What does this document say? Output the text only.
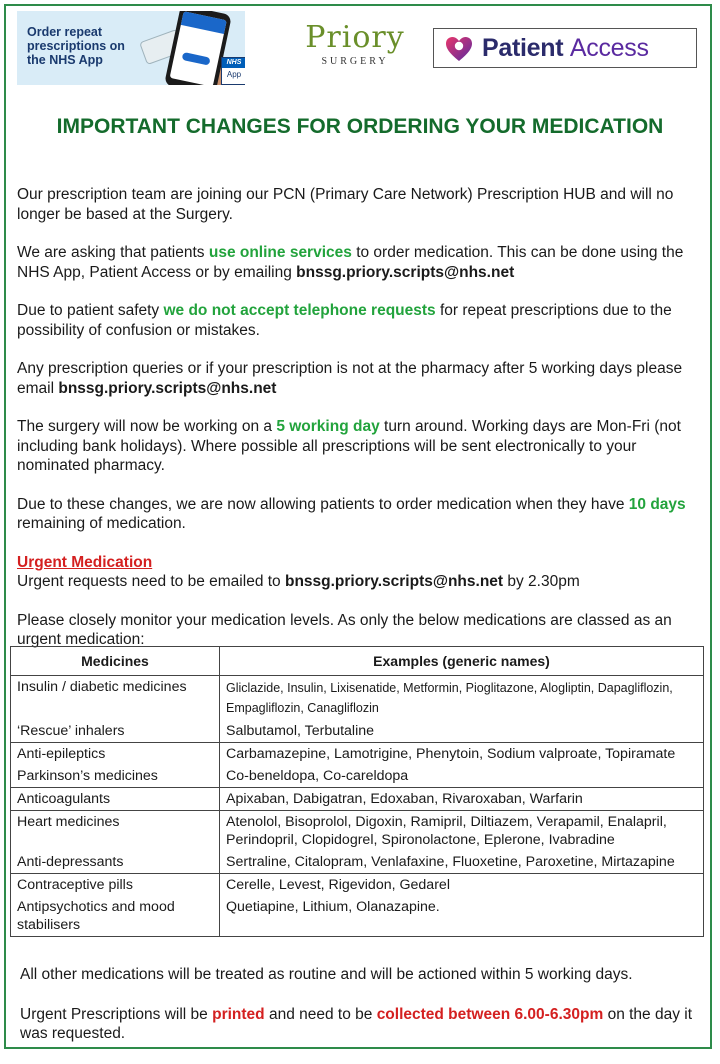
Order repeat prescriptions on the NHS App	NHS
App
Priory
SURGERY	Patient Access
IMPORTANT CHANGES FOR ORDERING YOUR MEDICATION

Our prescription team are joining our PCN (Primary Care Network) Prescription HUB and will no longer be based at the Surgery.

We are asking that patients use online services to order medication. This can be done using the NHS App, Patient Access or by emailing bnssg.priory.scripts@nhs.net

Due to patient safety we do not accept telephone requests for repeat prescriptions due to the possibility of confusion or mistakes.

Any prescription queries or if your prescription is not at the pharmacy after 5 working days please email bnssg.priory.scripts@nhs.net

The surgery will now be working on a 5 working day turn around. Working days are Mon-Fri (not including bank holidays). Where possible all prescriptions will be sent electronically to your nominated pharmacy.

Due to these changes, we are now allowing patients to order medication when they have 10 days remaining of medication.

Urgent Medication
Urgent requests need to be emailed to bnssg.priory.scripts@nhs.net by 2.30pm

Please closely monitor your medication levels. As only the below medications are classed as an urgent medication:

Medicines	Examples (generic names)
Insulin / diabetic medicines	Gliclazide, Insulin, Lixisenatide, Metformin, Pioglitazone, Alogliptin, Dapagliflozin, Empagliflozin, Canagliflozin
‘Rescue’ inhalers	Salbutamol, Terbutaline
Anti-epileptics	Carbamazepine, Lamotrigine, Phenytoin, Sodium valproate, Topiramate
Parkinson’s medicines	Co-beneldopa, Co-careldopa
Anticoagulants	Apixaban, Dabigatran, Edoxaban, Rivaroxaban, Warfarin
Heart medicines	Atenolol, Bisoprolol, Digoxin, Ramipril, Diltiazem, Verapamil, Enalapril, Perindopril, Clopidogrel, Spironolactone, Eplerone, Ivabradine
Anti-depressants	Sertraline, Citalopram, Venlafaxine, Fluoxetine, Paroxetine, Mirtazapine
Contraceptive pills	Cerelle, Levest, Rigevidon, Gedarel
Antipsychotics and mood stabilisers	Quetiapine, Lithium, Olanazapine.

All other medications will be treated as routine and will be actioned within 5 working days.

Urgent Prescriptions will be printed and need to be collected between 6.00-6.30pm on the day it was requested.
